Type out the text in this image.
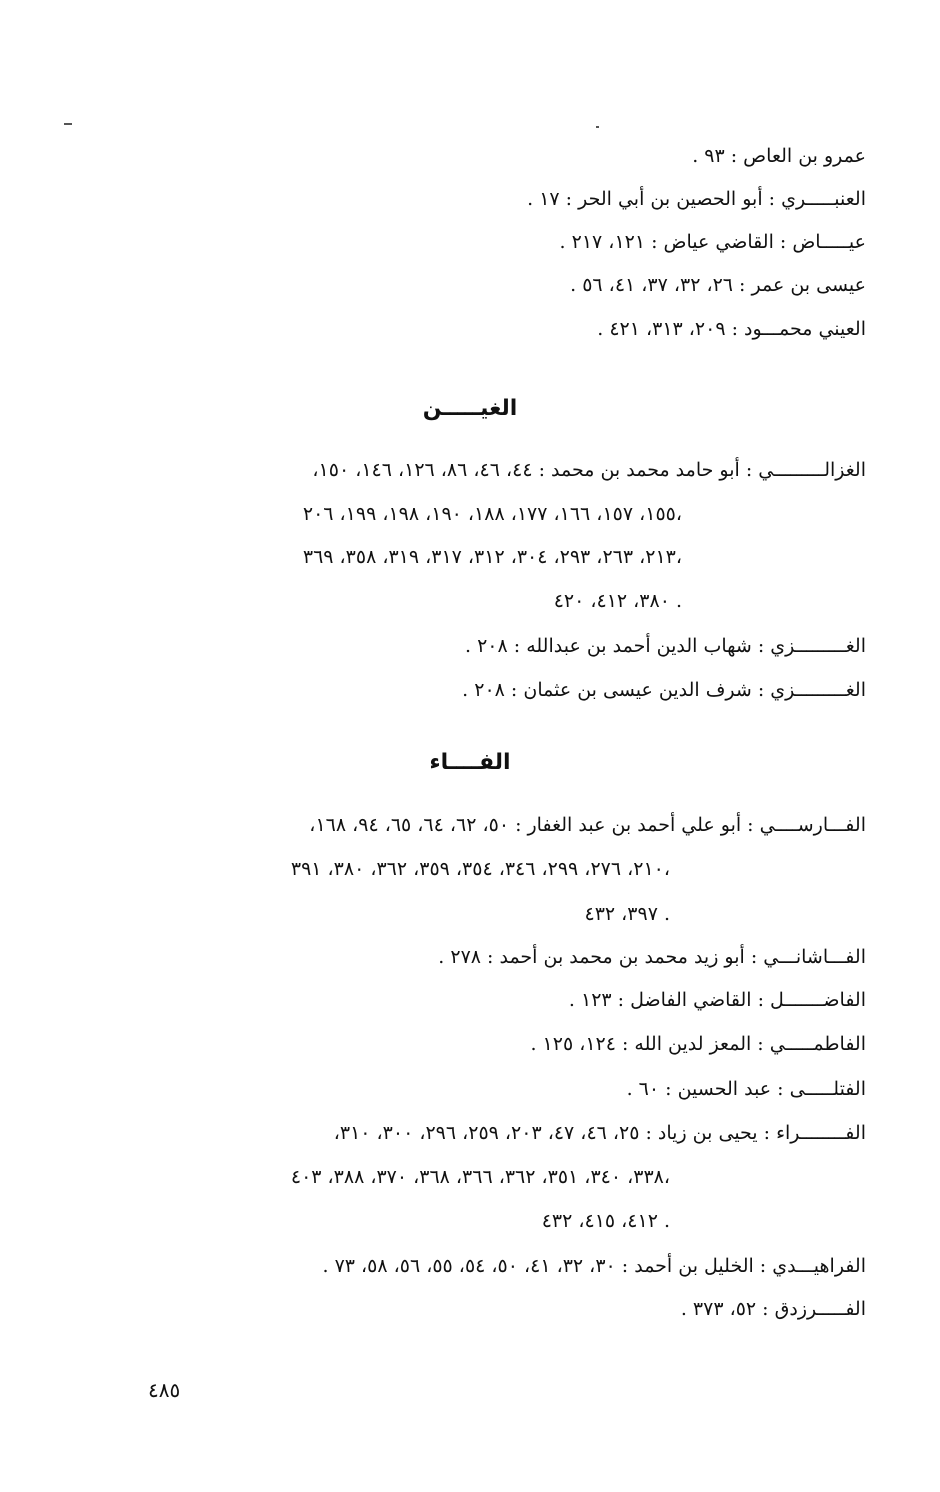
عمرو بن العاص : ٩٣ .
العنبـــــري : أبو الحصين بن أبي الحر : ١٧ .
عيـــــاض : القاضي عياض : ١٢١، ٢١٧ .
عيسى بن عمر : ٢٦، ٣٢، ٣٧، ٤١، ٥٦ .
العيني محمـــود : ٢٠٩، ٣١٣، ٤٢١ .
الغيـــــن
الغزالـــــــــي : أبو حامد محمد بن محمد : ٤٤، ٤٦، ٨٦، ١٢٦، ١٤٦، ١٥٠،
١٥٥، ١٥٧، ١٦٦، ١٧٧، ١٨٨، ١٩٠، ١٩٨، ١٩٩، ٢٠٦،
٢١٣، ٢٦٣، ٢٩٣، ٣٠٤، ٣١٢، ٣١٧، ٣١٩، ٣٥٨، ٣٦٩،
٣٨٠، ٤١٢، ٤٢٠ .
الغـــــــــزي : شهاب الدين أحمد بن عبدالله : ٢٠٨ .
الغـــــــــزي : شرف الدين عيسى بن عثمان : ٢٠٨ .
الفــــاء
الفـــارســــي : أبو علي أحمد بن عبد الغفار : ٥٠، ٦٢، ٦٤، ٦٥، ٩٤، ١٦٨،
٢١٠، ٢٧٦، ٢٩٩، ٣٤٦، ٣٥٤، ٣٥٩، ٣٦٢، ٣٨٠، ٣٩١،
٣٩٧، ٤٣٢ .
الفـــاشانـــي : أبو زيد محمد بن محمد بن أحمد : ٢٧٨ .
الفاضـــــــل : القاضي الفاضل : ١٢٣ .
الفاطمـــــي : المعز لدين الله : ١٢٤، ١٢٥ .
الفتلـــــى : عبد الحسين : ٦٠ .
الفــــــــراء : يحيى بن زياد : ٢٥، ٤٦، ٤٧، ٢٠٣، ٢٥٩، ٢٩٦، ٣٠٠، ٣١٠،
٣٣٨، ٣٤٠، ٣٥١، ٣٦٢، ٣٦٦، ٣٦٨، ٣٧٠، ٣٨٨، ٤٠٣،
٤١٢، ٤١٥، ٤٣٢ .
الفراهيـــدي : الخليل بن أحمد : ٣٠، ٣٢، ٤١، ٥٠، ٥٤، ٥٥، ٥٦، ٥٨، ٧٣ .
الفـــــرزدق : ٥٢، ٣٧٣ .
٤٨٥
